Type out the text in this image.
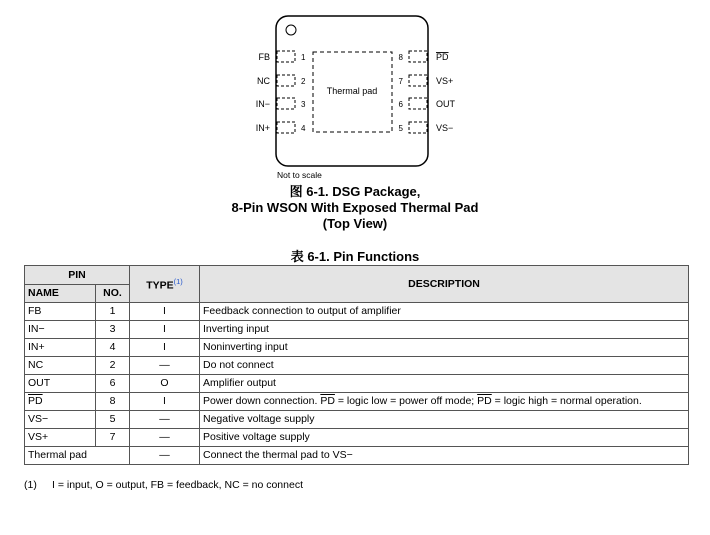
Thermal pad
1
FB
2
NC
3
IN−
4
IN+
8	PD
7	VS+
6	OUT
5	VS−
Not to scale
图 6-1. DSG Package,
8-Pin WSON With Exposed Thermal Pad
(Top View)
表 6-1. Pin Functions
PIN		TYPE$^{(1)}$	DESCRIPTION
NAME	NO.		
FB	1	I	Feedback connection to output of amplifier
IN−	3	I	Inverting input
IN+	4	I	Noninverting input
NC	2	—	Do not connect
OUT	6	O	Amplifier output
$\overline{PD}$	8	I	Power down connection. $\overline{PD}$ = logic low = power off mode; $\overline{PD}$ = logic high = normal operation.
VS−	5	—	Negative voltage supply
VS+	7	—	Positive voltage supply
Thermal pad		—	Connect the thermal pad to VS−
(1) I = input, O = output, FB = feedback, NC = no connect
